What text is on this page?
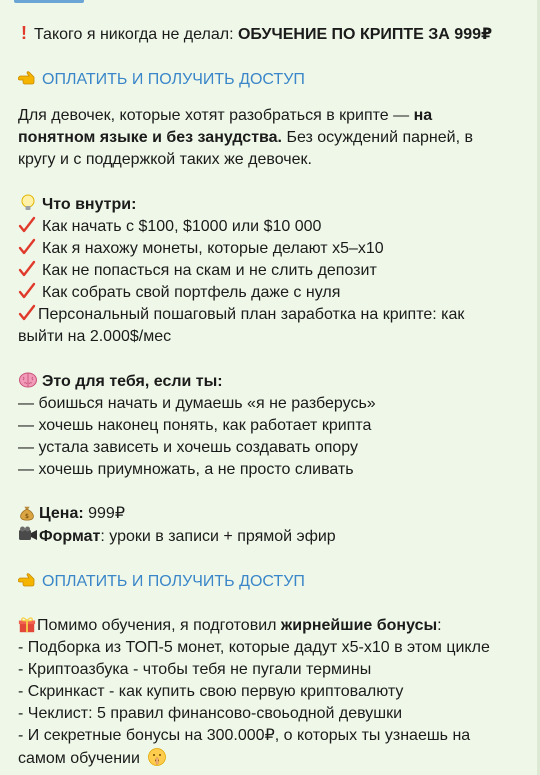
! Такого я никогда не делал: ОБУЧЕНИЕ ПО КРИПТЕ ЗА 999₽
ОПЛАТИТЬ И ПОЛУЧИТЬ ДОСТУП
Для девочек, которые хотят разобраться в крипте — на
понятном языке и без занудства. Без осуждений парней, в
кругу и с поддержкой таких же девочек.
Что внутри:
Как начать с $100, $1000 или $10 000
Как я нахожу монеты, которые делают x5–x10
Как не попасться на скам и не слить депозит
Как собрать свой портфель даже с нуля
Персональный пошаговый план заработка на крипте: как
выйти на 2.000$/мес
Это для тебя, если ты:
— боишься начать и думаешь «я не разберусь»
— хочешь наконец понять, как работает крипта
— устала зависеть и хочешь создавать опору
— хочешь приумножать, а не просто сливать
$ Цена: 999₽
Формат: уроки в записи + прямой эфир
ОПЛАТИТЬ И ПОЛУЧИТЬ ДОСТУП
Помимо обучения, я подготовил жирнейшие бонусы:
- Подборка из ТОП-5 монет, которые дадут x5-x10 в этом цикле
- Криптоазбука - чтобы тебя не пугали термины
- Скринкаст - как купить свою первую криптовалюту
- Чеклист: 5 правил финансово-своьодной девушки
- И секретные бонусы на 300.000₽, о которых ты узнаешь на
самом обучении
